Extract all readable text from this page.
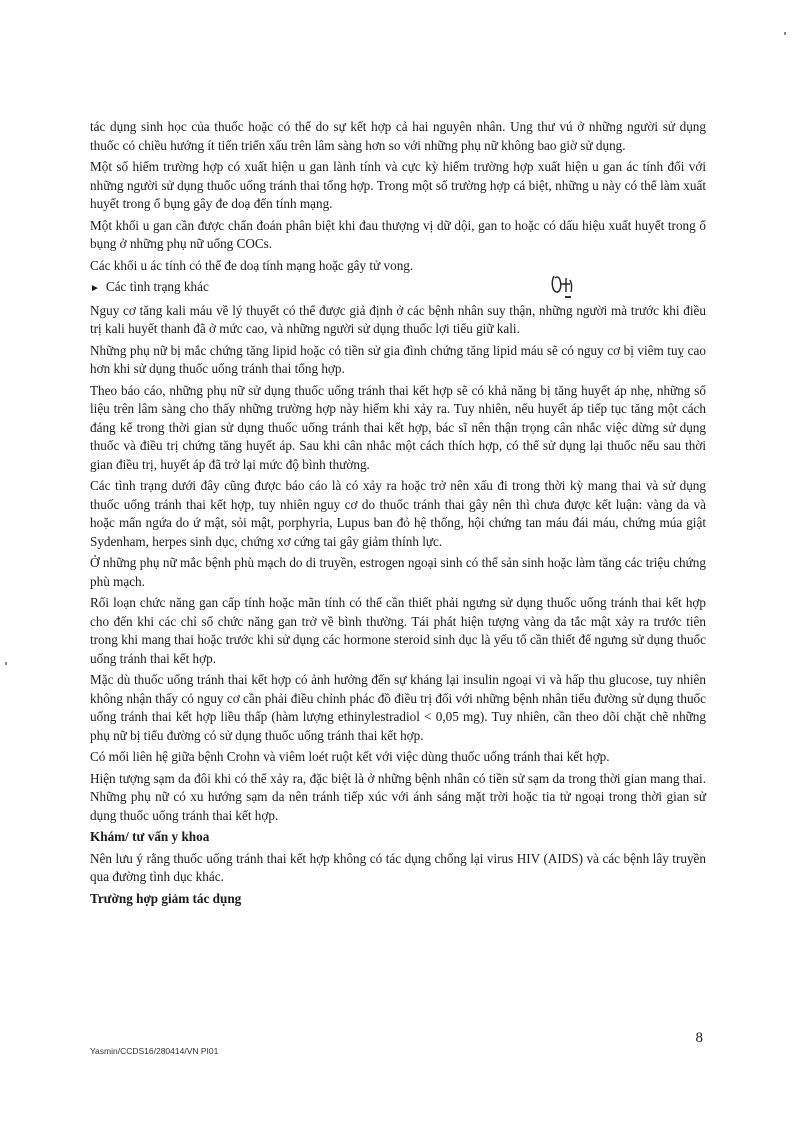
tác dụng sinh học của thuốc hoặc có thể do sự kết hợp cả hai nguyên nhân. Ung thư vú ở những người sử dụng thuốc có chiều hướng ít tiến triển xấu trên lâm sàng hơn so với những phụ nữ không bao giờ sử dụng.

Một số hiếm trường hợp có xuất hiện u gan lành tính và cực kỳ hiếm trường hợp xuất hiện u gan ác tính đối với những người sử dụng thuốc uống tránh thai tổng hợp. Trong một số trường hợp cá biệt, những u này có thể làm xuất huyết trong ổ bụng gây đe doạ đến tính mạng.

Một khối u gan cần được chẩn đoán phân biệt khi đau thượng vị dữ dội, gan to hoặc có dấu hiệu xuất huyết trong ổ bụng ở những phụ nữ uống COCs.

Các khối u ác tính có thể đe doạ tính mạng hoặc gây tử vong.

► Các tình trạng khác

Nguy cơ tăng kali máu về lý thuyết có thể được giả định ở các bệnh nhân suy thận, những người mà trước khi điều trị kali huyết thanh đã ở mức cao, và những người sử dụng thuốc lợi tiểu giữ kali.

Những phụ nữ bị mắc chứng tăng lipid hoặc có tiền sử gia đình chứng tăng lipid máu sẽ có nguy cơ bị viêm tuỵ cao hơn khi sử dụng thuốc uống tránh thai tổng hợp.

Theo báo cáo, những phụ nữ sử dụng thuốc uống tránh thai kết hợp sẽ có khả năng bị tăng huyết áp nhẹ, những số liệu trên lâm sàng cho thấy những trường hợp này hiếm khi xảy ra. Tuy nhiên, nếu huyết áp tiếp tục tăng một cách đáng kể trong thời gian sử dụng thuốc uống tránh thai kết hợp, bác sĩ nên thận trọng cân nhắc việc dừng sử dụng thuốc và điều trị chứng tăng huyết áp. Sau khi cân nhắc một cách thích hợp, có thể sử dụng lại thuốc nếu sau thời gian điều trị, huyết áp đã trở lại mức độ bình thường.

Các tình trạng dưới đây cũng được báo cáo là có xảy ra hoặc trở nên xấu đi trong thời kỳ mang thai và sử dụng thuốc uống tránh thai kết hợp, tuy nhiên nguy cơ do thuốc tránh thai gây nên thì chưa được kết luận: vàng da và hoặc mẩn ngứa do ứ mật, sỏi mật, porphyria, Lupus ban đỏ hệ thống, hội chứng tan máu đái máu, chứng múa giật Sydenham, herpes sinh dục, chứng xơ cứng tai gây giảm thính lực.

Ở những phụ nữ mắc bệnh phù mạch do di truyền, estrogen ngoại sinh có thể sản sinh hoặc làm tăng các triệu chứng phù mạch.

Rối loạn chức năng gan cấp tính hoặc mãn tính có thể cần thiết phải ngưng sử dụng thuốc uống tránh thai kết hợp cho đến khi các chỉ số chức năng gan trở về bình thường. Tái phát hiện tượng vàng da tắc mật xảy ra trước tiên trong khi mang thai hoặc trước khi sử dụng các hormone steroid sinh dục là yếu tố cần thiết để ngưng sử dụng thuốc uống tránh thai kết hợp.

Mặc dù thuốc uống tránh thai kết hợp có ảnh hưởng đến sự kháng lại insulin ngoại vi và hấp thu glucose, tuy nhiên không nhận thấy có nguy cơ cần phải điều chỉnh phác đồ điều trị đối với những bệnh nhân tiểu đường sử dụng thuốc uống tránh thai kết hợp liều thấp (hàm lượng ethinylestradiol < 0,05 mg). Tuy nhiên, cần theo dõi chặt chẽ những phụ nữ bị tiểu đường có sử dụng thuốc uống tránh thai kết hợp.

Có mối liên hệ giữa bệnh Crohn và viêm loét ruột kết với việc dùng thuốc uống tránh thai kết hợp.

Hiện tượng sạm da đôi khi có thể xảy ra, đặc biệt là ở những bệnh nhân có tiền sử sạm da trong thời gian mang thai. Những phụ nữ có xu hướng sạm da nên tránh tiếp xúc với ánh sáng mặt trời hoặc tia tử ngoại trong thời gian sử dụng thuốc uống tránh thai kết hợp.

Khám/ tư vấn y khoa

Nên lưu ý rằng thuốc uống tránh thai kết hợp không có tác dụng chống lại virus HIV (AIDS) và các bệnh lây truyền qua đường tình dục khác.

Trường hợp giảm tác dụng

8
Yasmin/CCDS16/280414/VN PI01
